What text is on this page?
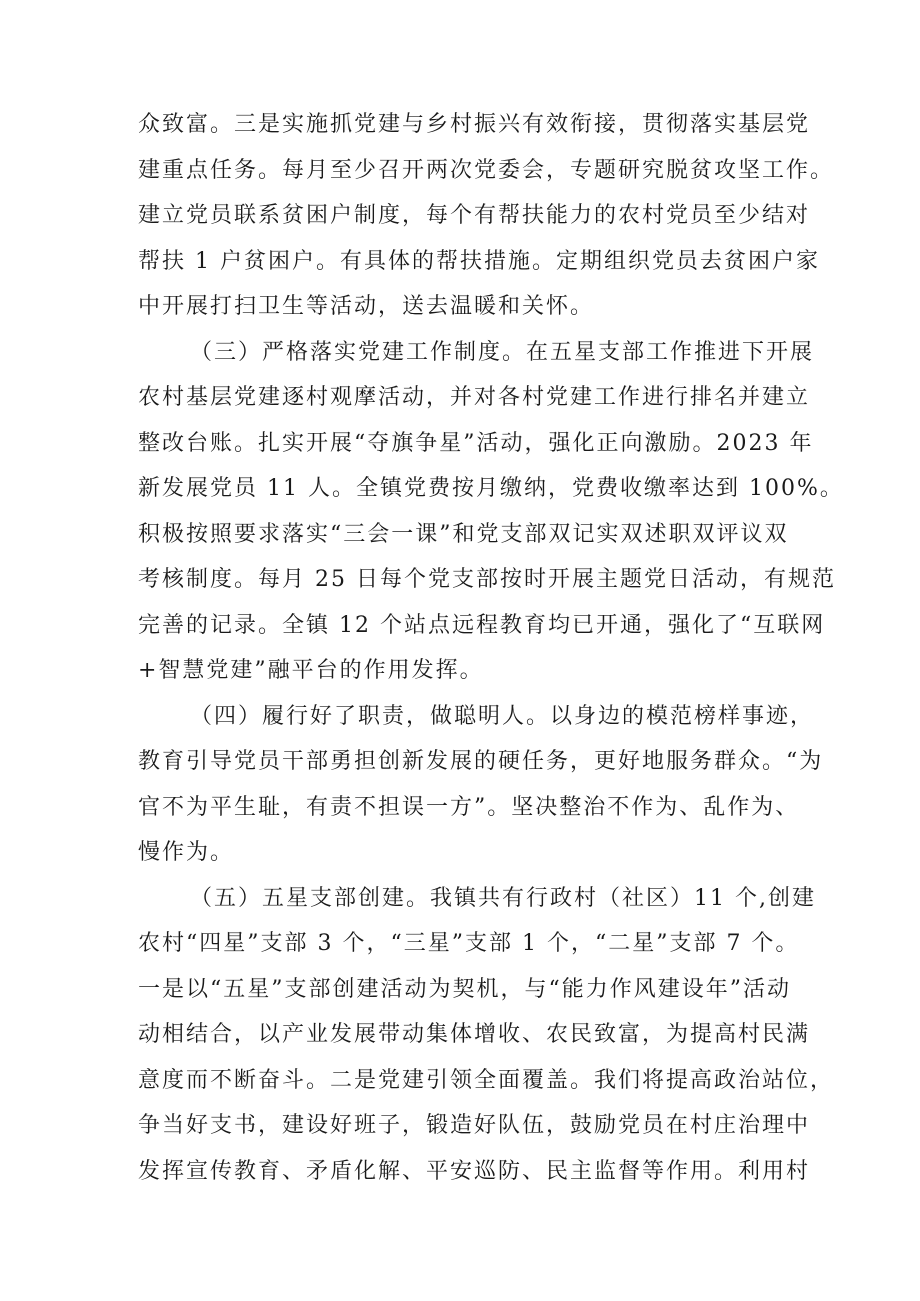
众致富。三是实施抓党建与乡村振兴有效衔接，贯彻落实基层党
建重点任务。每月至少召开两次党委会，专题研究脱贫攻坚工作。
建立党员联系贫困户制度，每个有帮扶能力的农村党员至少结对
帮扶 1 户贫困户。有具体的帮扶措施。定期组织党员去贫困户家
中开展打扫卫生等活动，送去温暖和关怀。
（三）严格落实党建工作制度。在五星支部工作推进下开展
农村基层党建逐村观摩活动，并对各村党建工作进行排名并建立
整改台账。扎实开展“夺旗争星”活动，强化正向激励。2023 年
新发展党员 11 人。全镇党费按月缴纳，党费收缴率达到 100%。
积极按照要求落实“三会一课”和党支部双记实双述职双评议双
考核制度。每月 25 日每个党支部按时开展主题党日活动，有规范
完善的记录。全镇 12 个站点远程教育均已开通，强化了“互联网
+智慧党建”融平台的作用发挥。
（四）履行好了职责，做聪明人。以身边的模范榜样事迹，
教育引导党员干部勇担创新发展的硬任务，更好地服务群众。“为
官不为平生耻，有责不担误一方”。坚决整治不作为、乱作为、
慢作为。
（五）五星支部创建。我镇共有行政村（社区）11 个,创建
农村“四星”支部 3 个，“三星”支部 1 个，“二星”支部 7 个。
一是以“五星”支部创建活动为契机，与“能力作风建设年”活动
动相结合，以产业发展带动集体增收、农民致富，为提高村民满
意度而不断奋斗。二是党建引领全面覆盖。我们将提高政治站位，
争当好支书，建设好班子，锻造好队伍，鼓励党员在村庄治理中
发挥宣传教育、矛盾化解、平安巡防、民主监督等作用。利用村
